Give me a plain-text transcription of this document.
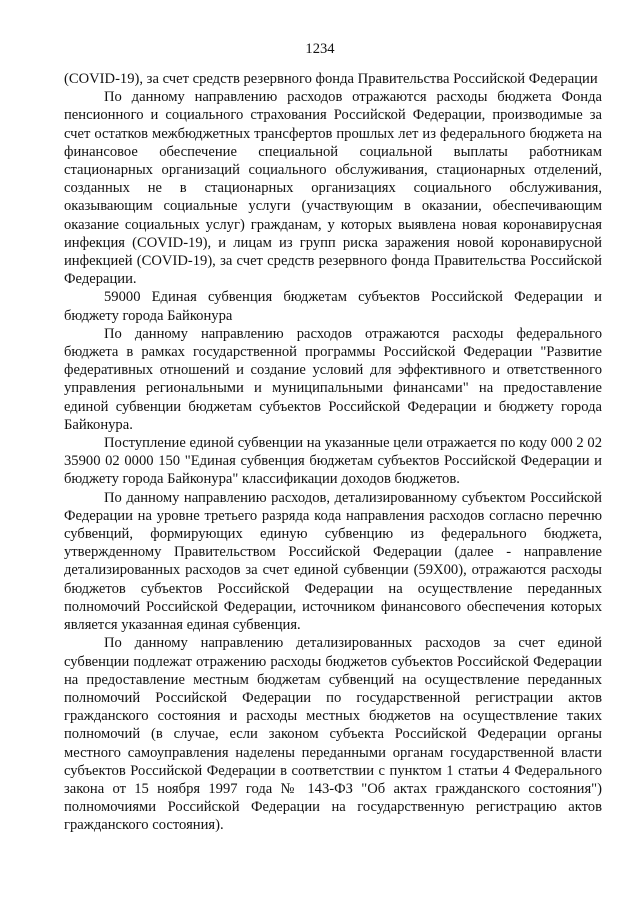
1234

(COVID-19), за счет средств резервного фонда Правительства Российской Федерации

По данному направлению расходов отражаются расходы бюджета Фонда пенсионного и социального страхования Российской Федерации, производимые за счет остатков межбюджетных трансфертов прошлых лет из федерального бюджета на финансовое обеспечение специальной социальной выплаты работникам стационарных организаций социального обслуживания, стационарных отделений, созданных не в стационарных организациях социального обслуживания, оказывающим социальные услуги (участвующим в оказании, обеспечивающим оказание социальных услуг) гражданам, у которых выявлена новая коронавирусная инфекция (COVID-19), и лицам из групп риска заражения новой коронавирусной инфекцией (COVID-19), за счет средств резервного фонда Правительства Российской Федерации.

59000 Единая субвенция бюджетам субъектов Российской Федерации и бюджету города Байконура

По данному направлению расходов отражаются расходы федерального бюджета в рамках государственной программы Российской Федерации "Развитие федеративных отношений и создание условий для эффективного и ответственного управления региональными и муниципальными финансами" на предоставление единой субвенции бюджетам субъектов Российской Федерации и бюджету города Байконура.

Поступление единой субвенции на указанные цели отражается по коду 000 2 02 35900 02 0000 150 "Единая субвенция бюджетам субъектов Российской Федерации и бюджету города Байконура" классификации доходов бюджетов.

По данному направлению расходов, детализированному субъектом Российской Федерации на уровне третьего разряда кода направления расходов согласно перечню субвенций, формирующих единую субвенцию из федерального бюджета, утвержденному Правительством Российской Федерации (далее - направление детализированных расходов за счет единой субвенции (59Х00), отражаются расходы бюджетов субъектов Российской Федерации на осуществление переданных полномочий Российской Федерации, источником финансового обеспечения которых является указанная единая субвенция.

По данному направлению детализированных расходов за счет единой субвенции подлежат отражению расходы бюджетов субъектов Российской Федерации на предоставление местным бюджетам субвенций на осуществление переданных полномочий Российской Федерации по государственной регистрации актов гражданского состояния и расходы местных бюджетов на осуществление таких полномочий (в случае, если законом субъекта Российской Федерации органы местного самоуправления наделены переданными органам государственной власти субъектов Российской Федерации в соответствии с пунктом 1 статьи 4 Федерального закона от 15 ноября 1997 года № 143-ФЗ "Об актах гражданского состояния") полномочиями Российской Федерации на государственную регистрацию актов гражданского состояния).
